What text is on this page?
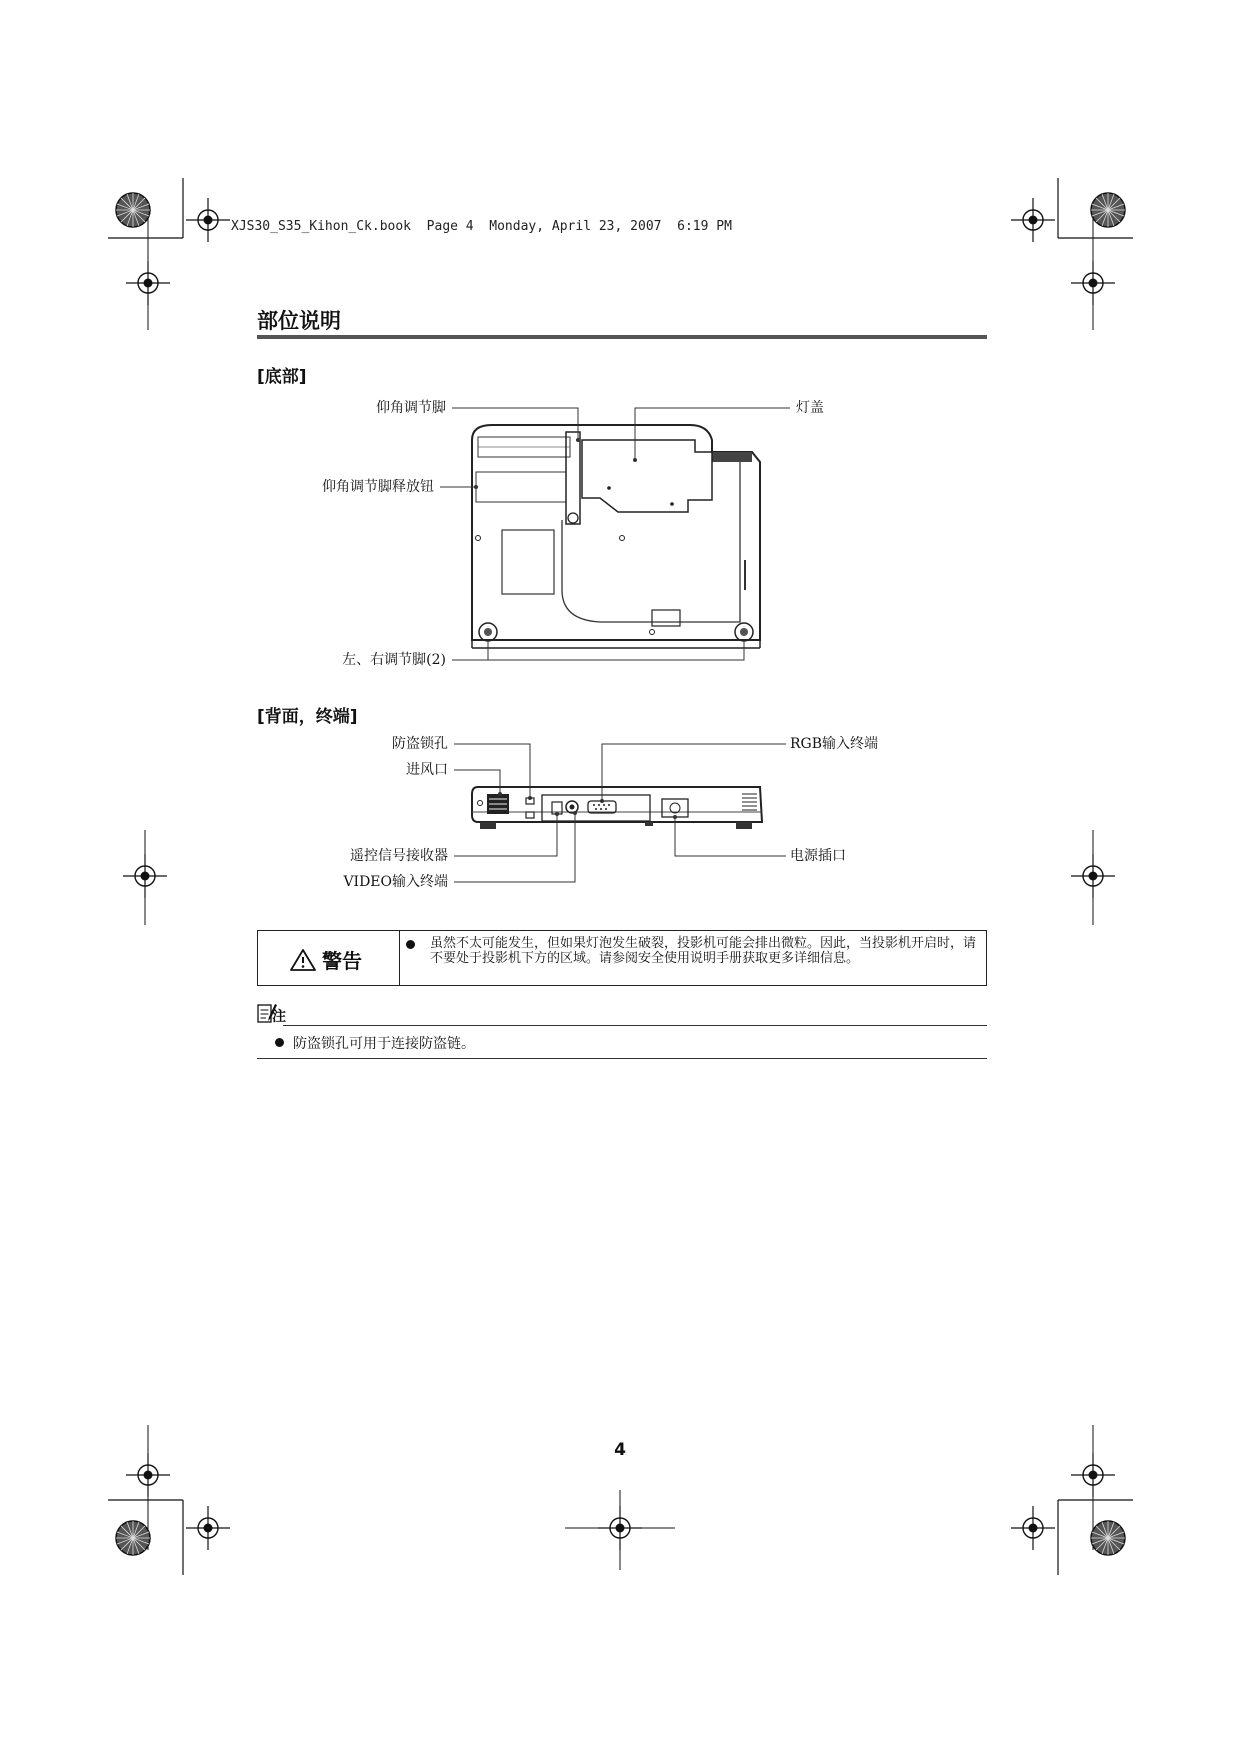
XJS30_S35_Kihon_Ck.book  Page 4  Monday, April 23, 2007  6:19 PM
部位说明
[底部]
仰角调节脚
仰角调节脚释放钮
灯盖
左、右调节脚(2)
[背面，终端]
防盗锁孔
进风口
遥控信号接收器
VIDEO输入终端
RGB输入终端
电源插口
警告
虽然不太可能发生，但如果灯泡发生破裂，投影机可能会排出微粒。因此，当投影机开启时，请不要处于投影机下方的区域。请参阅安全使用说明手册获取更多详细信息。
注
防盗锁孔可用于连接防盗链。
4
